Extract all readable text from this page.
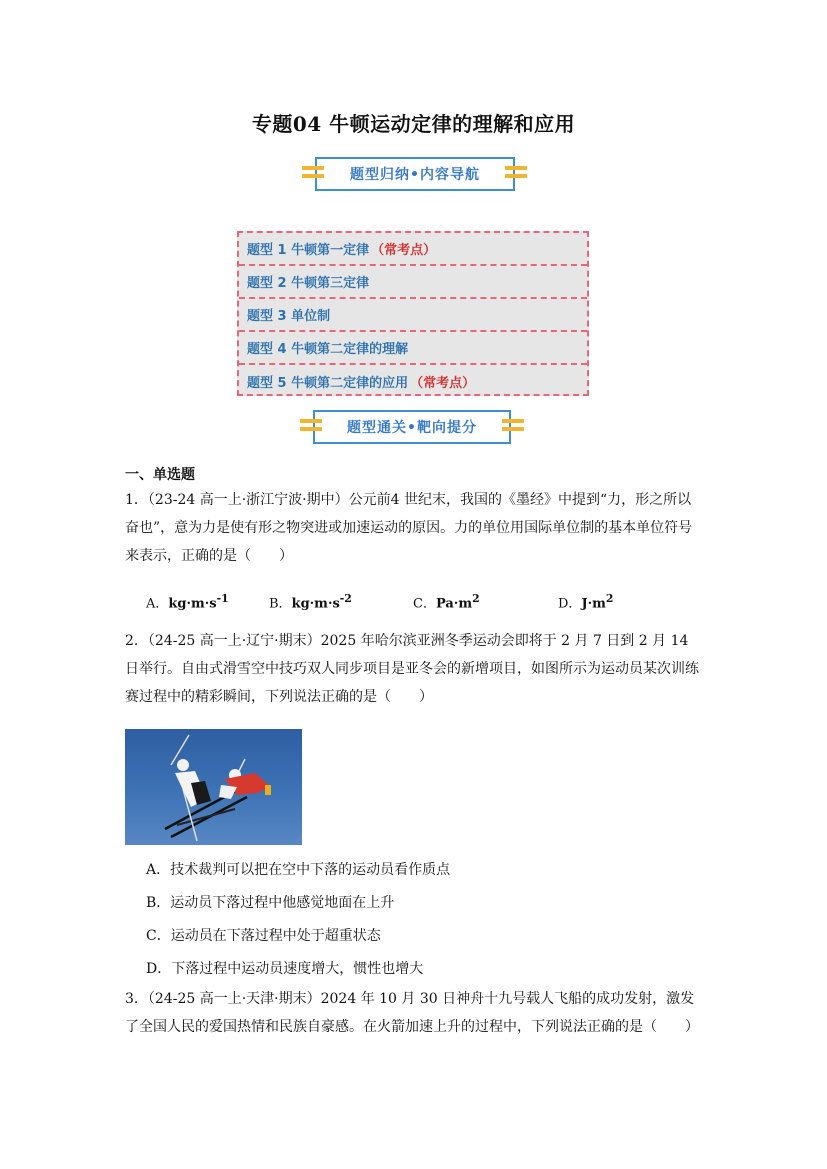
专题04 牛顿运动定律的理解和应用
题型归纳•内容导航
题型 1 牛顿第一定律 （常考点）
题型 2 牛顿第三定律
题型 3 单位制
题型 4 牛顿第二定律的理解
题型 5 牛顿第二定律的应用 （常考点）
题型通关•靶向提分
一、单选题
1．（23-24 高一上·浙江宁波·期中）公元前4 世纪末，我国的《墨经》中提到“力，形之所以奋也”，意为力是使有形之物突进或加速运动的原因。力的单位用国际单位制的基本单位符号来表示，正确的是（　　）
A．$kg\cdot m\cdot s^{-1}$	B．$kg\cdot m\cdot s^{-2}$	C．$Pa\cdot m^2$	D．$J\cdot m^2$
2．（24-25 高一上·辽宁·期末）2025 年哈尔滨亚洲冬季运动会即将于 2 月 7 日到 2 月 14 日举行。自由式滑雪空中技巧双人同步项目是亚冬会的新增项目，如图所示为运动员某次训练赛过程中的精彩瞬间，下列说法正确的是（　　）
A．技术裁判可以把在空中下落的运动员看作质点
B．运动员下落过程中他感觉地面在上升
C．运动员在下落过程中处于超重状态
D．下落过程中运动员速度增大，惯性也增大
3．（24-25 高一上·天津·期末）2024 年 10 月 30 日神舟十九号载人飞船的成功发射，激发了全国人民的爱国热情和民族自豪感。在火箭加速上升的过程中，下列说法正确的是（　　）
